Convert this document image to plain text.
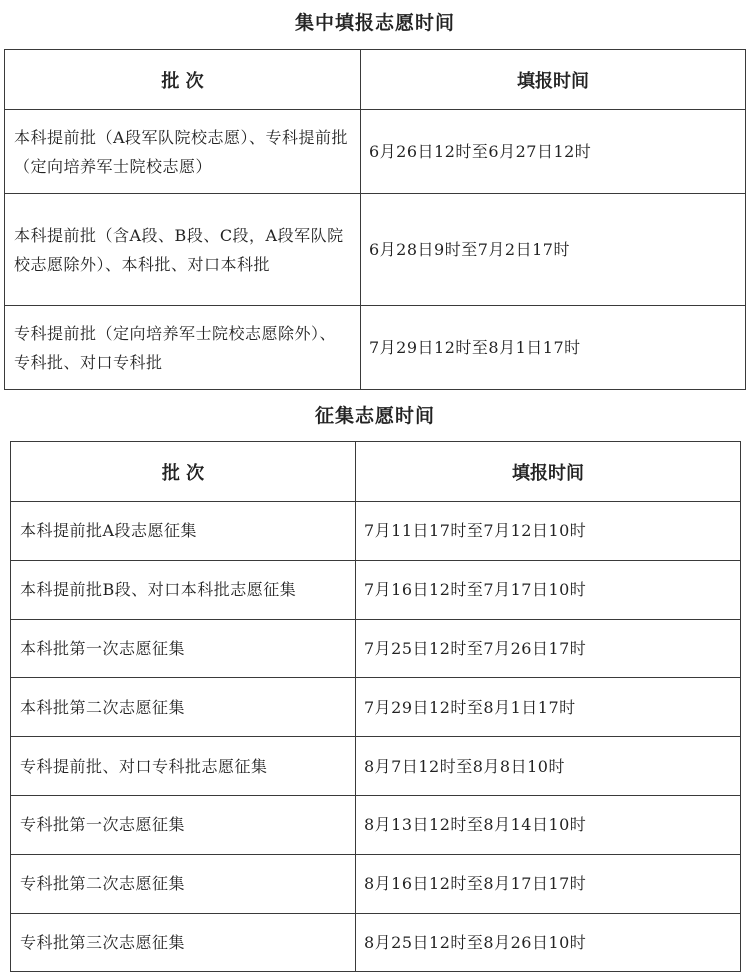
集中填报志愿时间
批 次	填报时间
本科提前批（A段军队院校志愿）、专科提前批（定向培养军士院校志愿）	6月26日12时至6月27日12时
本科提前批（含A段、B段、C段，A段军队院校志愿除外）、本科批、对口本科批	6月28日9时至7月2日17时
专科提前批（定向培养军士院校志愿除外）、专科批、对口专科批	7月29日12时至8月1日17时
征集志愿时间
批 次	填报时间
本科提前批A段志愿征集	7月11日17时至7月12日10时
本科提前批B段、对口本科批志愿征集	7月16日12时至7月17日10时
本科批第一次志愿征集	7月25日12时至7月26日17时
本科批第二次志愿征集	7月29日12时至8月1日17时
专科提前批、对口专科批志愿征集	8月7日12时至8月8日10时
专科批第一次志愿征集	8月13日12时至8月14日10时
专科批第二次志愿征集	8月16日12时至8月17日17时
专科批第三次志愿征集	8月25日12时至8月26日10时
